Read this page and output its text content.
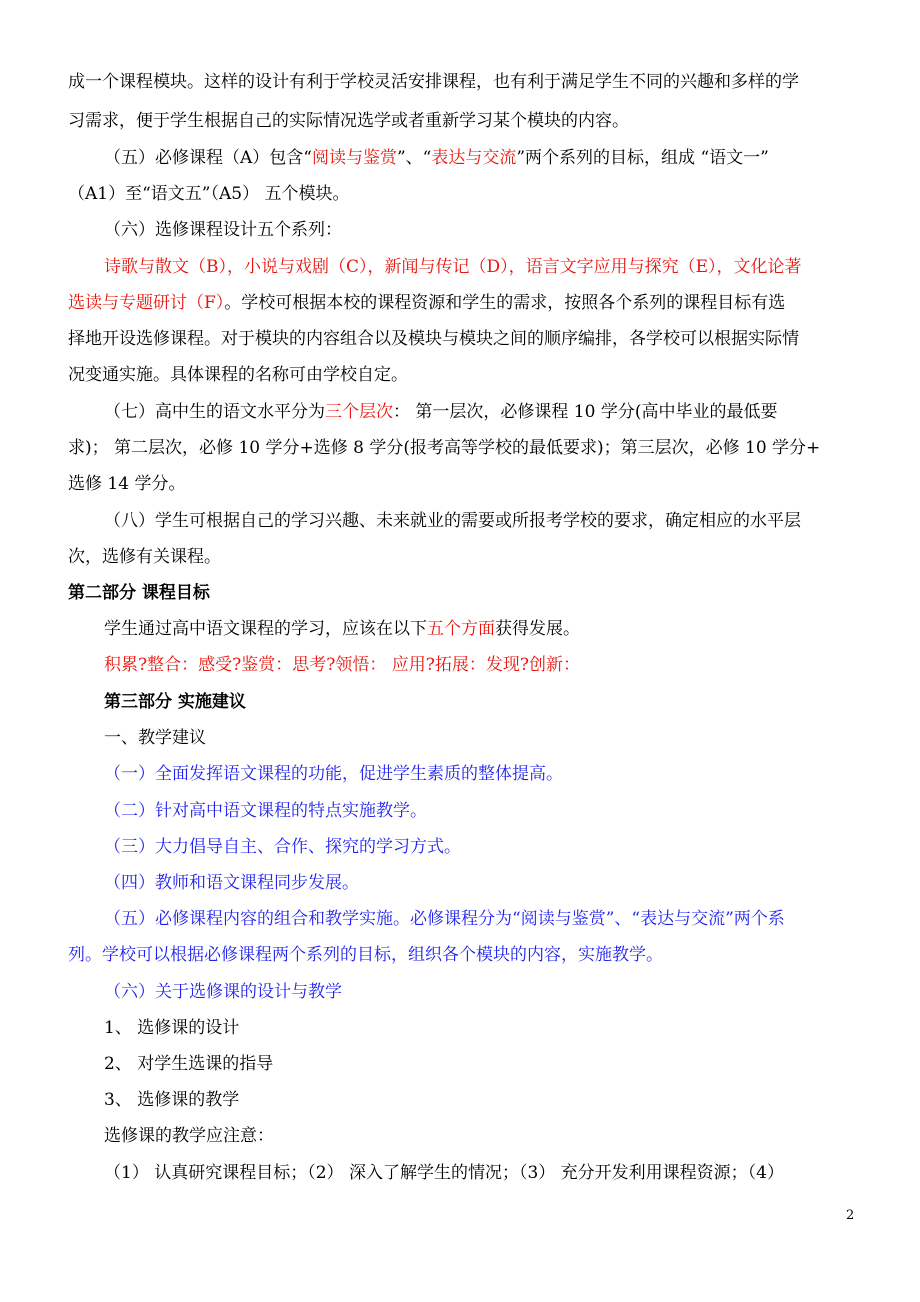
成一个课程模块。这样的设计有利于学校灵活安排课程，也有利于满足学生不同的兴趣和多样的学
习需求，便于学生根据自己的实际情况选学或者重新学习某个模块的内容。
（五）必修课程（A）包含“阅读与鉴赏”、“表达与交流”两个系列的目标，组成 “语文一”
（A1）至“语文五”（A5） 五个模块。
（六）选修课程设计五个系列：
诗歌与散文（B），小说与戏剧（C），新闻与传记（D），语言文字应用与探究（E），文化论著
选读与专题研讨（F）。学校可根据本校的课程资源和学生的需求，按照各个系列的课程目标有选
择地开设选修课程。对于模块的内容组合以及模块与模块之间的顺序编排，各学校可以根据实际情
况变通实施。具体课程的名称可由学校自定。
（七）高中生的语文水平分为三个层次： 第一层次，必修课程 10 学分(高中毕业的最低要
求)； 第二层次，必修 10 学分+选修 8 学分(报考高等学校的最低要求)；第三层次，必修 10 学分+
选修 14 学分。
（八）学生可根据自己的学习兴趣、未来就业的需要或所报考学校的要求，确定相应的水平层
次，选修有关课程。
第二部分 课程目标
学生通过高中语文课程的学习，应该在以下五个方面获得发展。
积累?整合：感受?鉴赏：思考?领悟： 应用?拓展：发现?创新：
第三部分 实施建议
一、教学建议
（一）全面发挥语文课程的功能，促进学生素质的整体提高。
（二）针对高中语文课程的特点实施教学。
（三）大力倡导自主、合作、探究的学习方式。
（四）教师和语文课程同步发展。
（五）必修课程内容的组合和教学实施。必修课程分为“阅读与鉴赏”、“表达与交流”两个系
列。学校可以根据必修课程两个系列的目标，组织各个模块的内容，实施教学。
（六）关于选修课的设计与教学
1、 选修课的设计
2、 对学生选课的指导
3、 选修课的教学
选修课的教学应注意：
（1） 认真研究课程目标；（2） 深入了解学生的情况；（3） 充分开发利用课程资源；（4）
2
